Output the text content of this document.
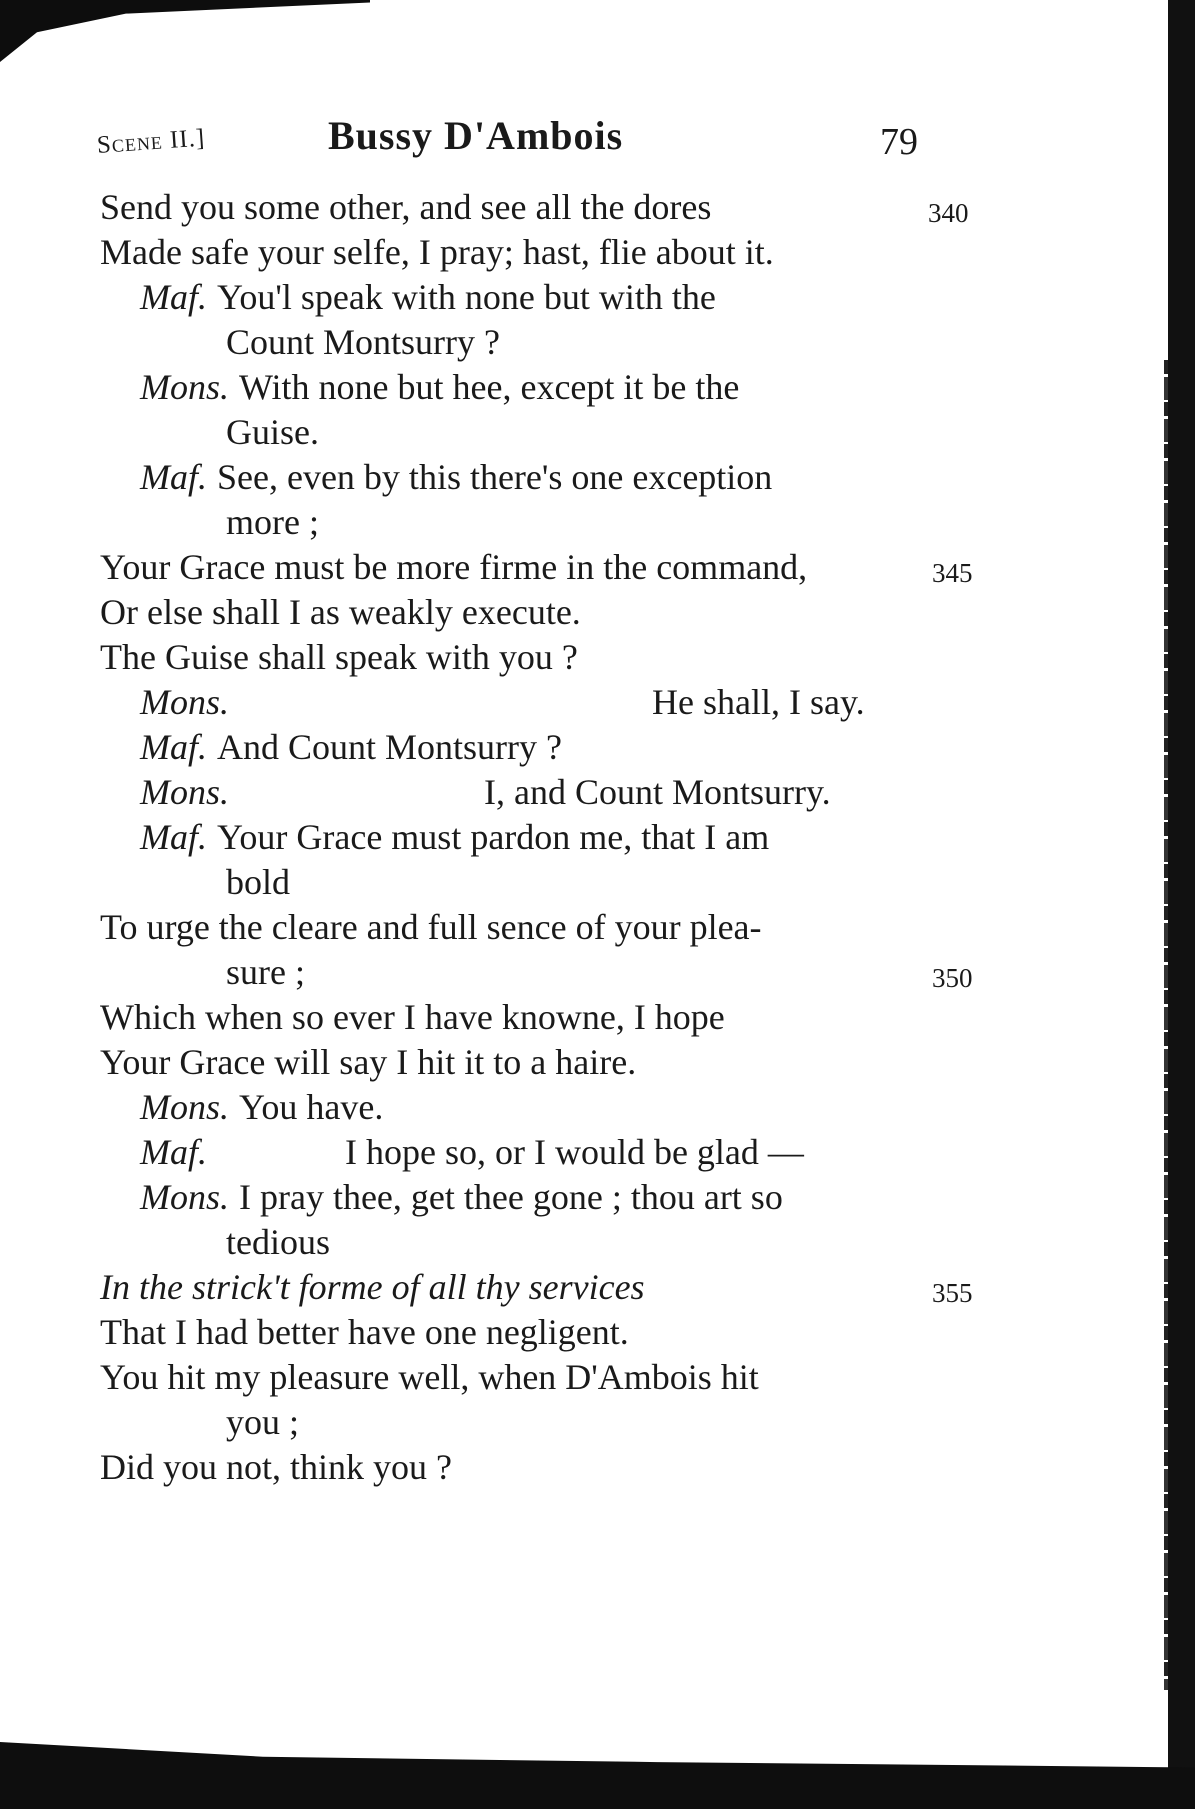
Scene II.]	Bussy D'Ambois	79
Send you some other, and see all the dores	340
Made safe your selfe, I pray; hast, flie about it.
Maf. You'l speak with none but with the
Count Montsurry ?
Mons. With none but hee, except it be the
Guise.
Maf. See, even by this there's one exception
more ;
Your Grace must be more firme in the command,	345
Or else shall I as weakly execute.
The Guise shall speak with you ?
Mons.	He shall, I say.
Maf. And Count Montsurry ?
Mons.	I, and Count Montsurry.
Maf. Your Grace must pardon me, that I am
bold
To urge the cleare and full sence of your plea-
sure ;	350
Which when so ever I have knowne, I hope
Your Grace will say I hit it to a haire.
Mons. You have.
Maf.	I hope so, or I would be glad —
Mons. I pray thee, get thee gone ; thou art so
tedious
In the strick't forme of all thy services	355
That I had better have one negligent.
You hit my pleasure well, when D'Ambois hit
you ;
Did you not, think you ?
